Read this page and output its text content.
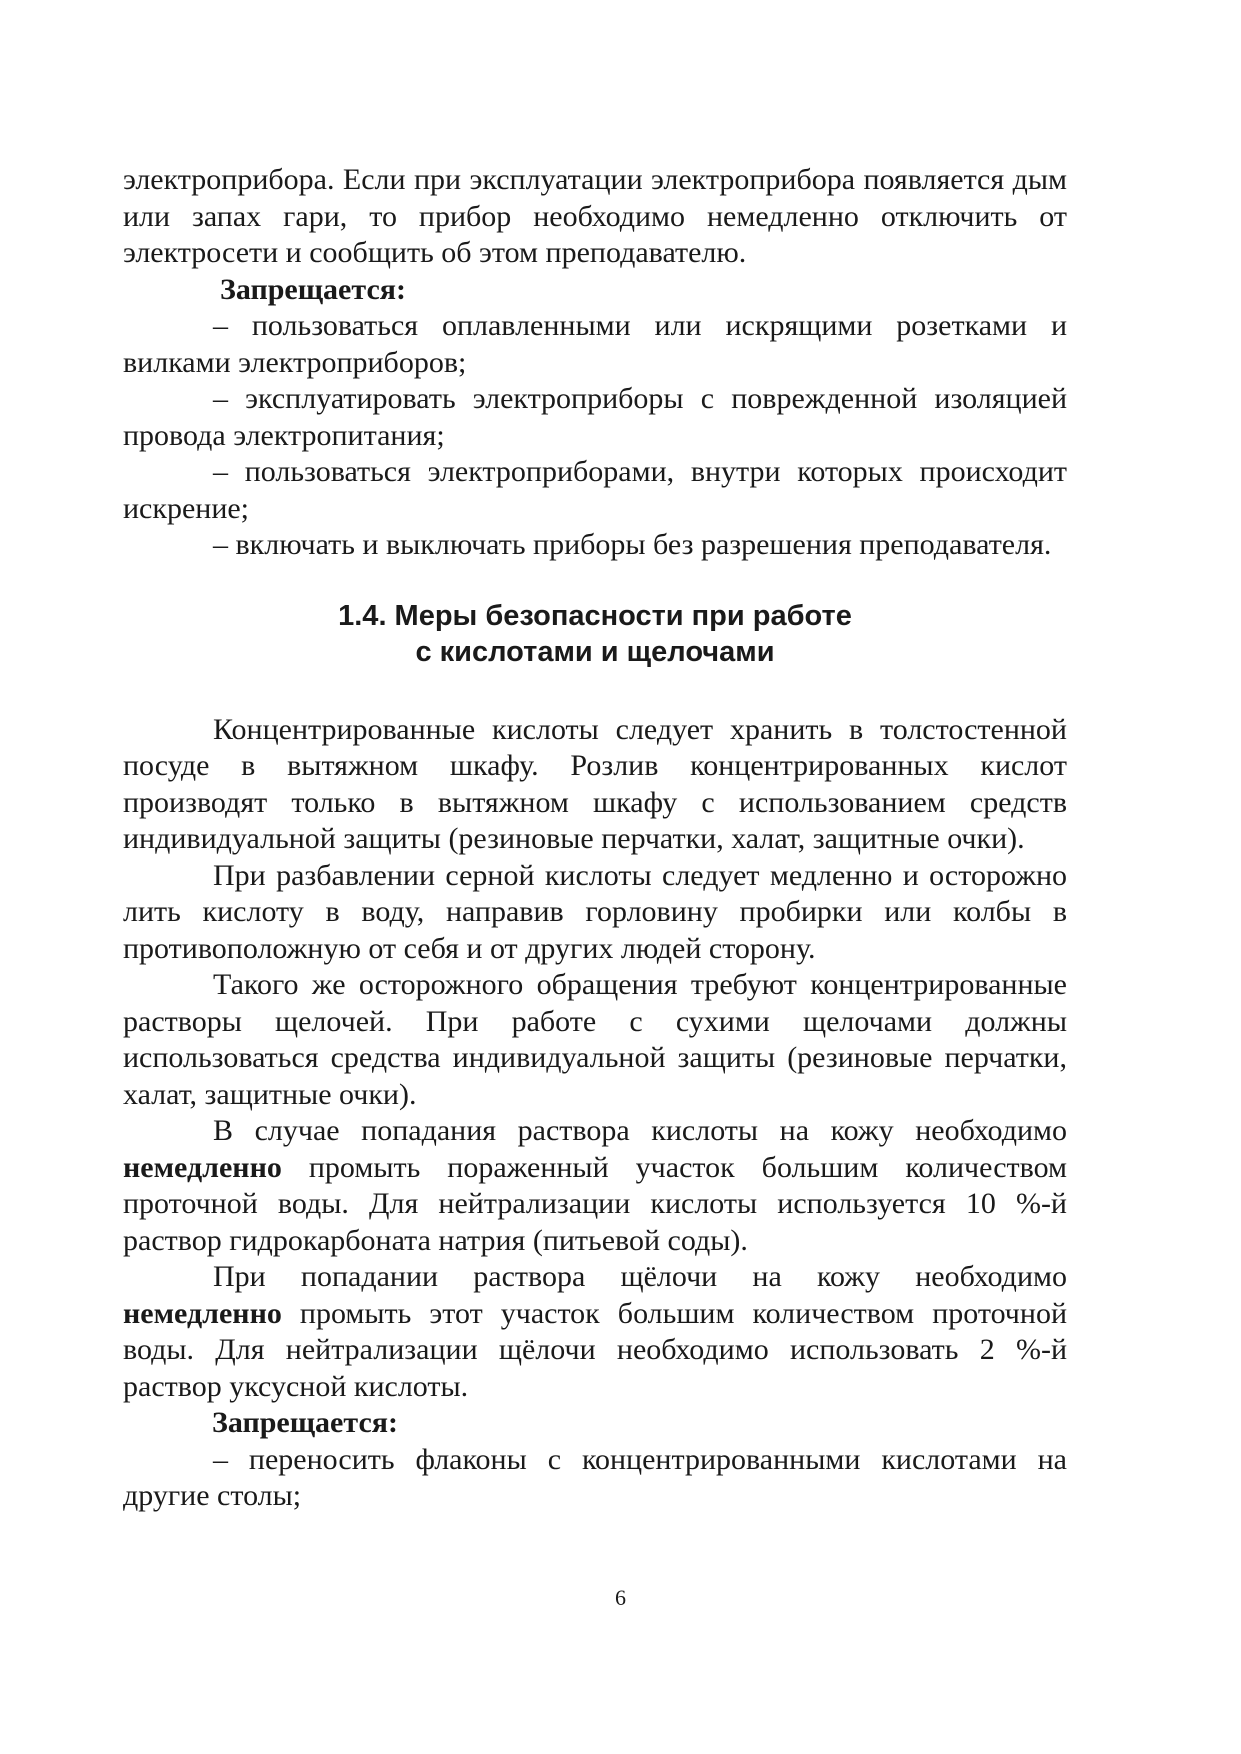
электроприбора. Если при эксплуатации электроприбора появляется дым или запах гари, то прибор необходимо немедленно отключить от электросети и сообщить об этом преподавателю.

Запрещается:

– пользоваться оплавленными или искрящими розетками и вилками электроприборов;

– эксплуатировать электроприборы с поврежденной изоляцией провода электропитания;

– пользоваться электроприборами, внутри которых происходит искрение;

– включать и выключать приборы без разрешения преподавателя.

1.4. Меры безопасности при работе

с кислотами и щелочами

Концентрированные кислоты следует хранить в толстостенной посуде в вытяжном шкафу. Розлив концентрированных кислот производят только в вытяжном шкафу с использованием средств индивидуальной защиты (резиновые перчатки, халат, защитные очки).

При разбавлении серной кислоты следует медленно и осторожно лить кислоту в воду, направив горловину пробирки или колбы в противоположную от себя и от других людей сторону.

Такого же осторожного обращения требуют концентрированные растворы щелочей. При работе с сухими щелочами должны использоваться средства индивидуальной защиты (резиновые перчатки, халат, защитные очки).

В случае попадания раствора кислоты на кожу необходимо немедленно промыть пораженный участок большим количеством проточной воды. Для нейтрализации кислоты используется 10 %-й раствор гидрокарбоната натрия (питьевой соды).

При попадании раствора щёлочи на кожу необходимо немедленно промыть этот участок большим количеством проточной воды. Для нейтрализации щёлочи необходимо использовать 2 %-й раствор уксусной кислоты.

Запрещается:

– переносить флаконы с концентрированными кислотами на другие столы;

6
